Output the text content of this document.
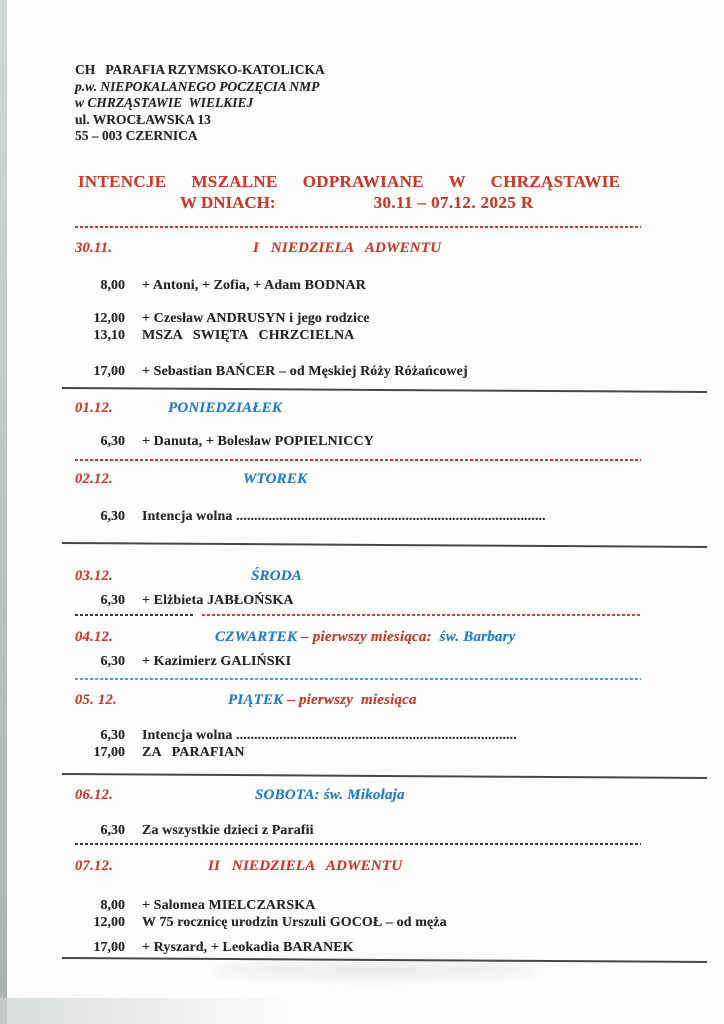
CH   PARAFIA RZYMSKO-KATOLICKA
p.w. NIEPOKALANEGO POCZĘCIA NMP
w CHRZĄSTAWIE  WIELKIEJ
ul. WROCŁAWSKA 13
55 – 003 CZERNICA
INTENCJE  MSZALNE  ODPRAWIANE  W  CHRZĄSTAWIE
W DNIACH:	30.11 – 07.12. 2025 R
30.11.	I   NIEDZIELA   ADWENTU
8,00 + Antoni, + Zofia, + Adam BODNAR
12,00 + Czesław ANDRUSYN i jego rodzice
13,10 MSZA   SWIĘTA   CHRZCIELNA
17,00 + Sebastian BAŃCER – od Męskiej Róży Różańcowej
01.12.	PONIEDZIAŁEK
6,30 + Danuta, + Bolesław POPIELNICCY
02.12.	WTOREK
6,30 Intencja wolna ......................................................................................
03.12.	ŚRODA
6,30 + Elżbieta JABŁOŃSKA
04.12.	CZWARTEK – pierwszy miesiąca:  św. Barbary
6,30 + Kazimierz GALIŃSKI
05. 12.	PIĄTEK – pierwszy  miesiąca
6,30 Intencja wolna ..............................................................................
17,00 ZA   PARAFIAN
06.12.	SOBOTA: św. Mikołaja
6,30 Za wszystkie dzieci z Parafii
07.12.	II   NIEDZIELA   ADWENTU
8,00 + Salomea MIELCZARSKA
12,00 W 75 rocznicę urodzin Urszuli GOCOŁ – od męża
17,00 + Ryszard, + Leokadia BARANEK
